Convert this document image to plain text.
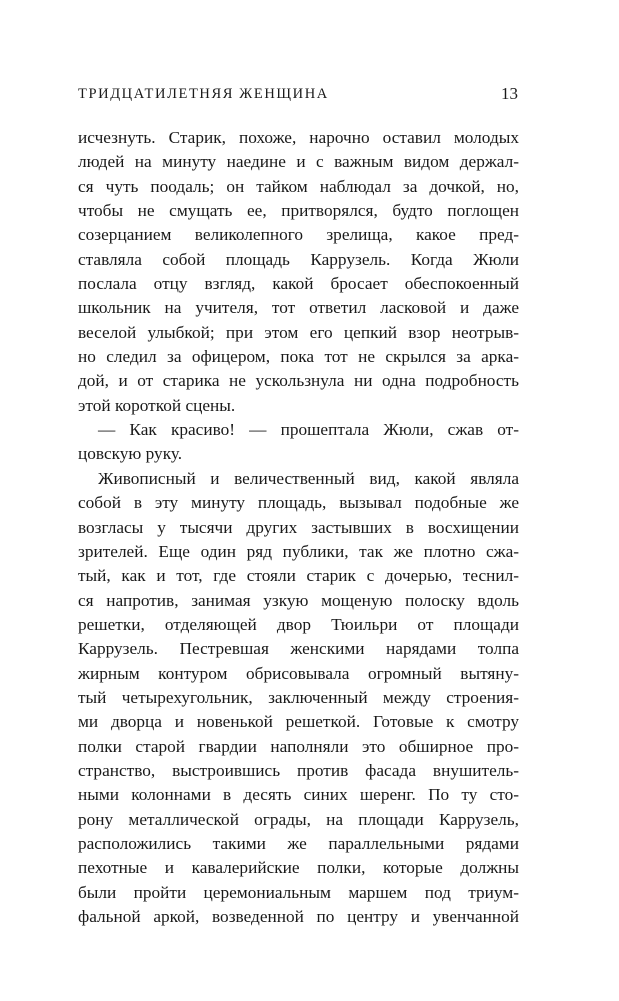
ТРИДЦАТИЛЕТНЯЯ ЖЕНЩИНА	13
исчезнуть. Старик, похоже, нарочно оставил молодых
людей на минуту наедине и с важным видом держал-
ся чуть поодаль; он тайком наблюдал за дочкой, но,
чтобы не смущать ее, притворялся, будто поглощен
созерцанием великолепного зрелища, какое пред-
ставляла собой площадь Каррузель. Когда Жюли
послала отцу взгляд, какой бросает обеспокоенный
школьник на учителя, тот ответил ласковой и даже
веселой улыбкой; при этом его цепкий взор неотрыв-
но следил за офицером, пока тот не скрылся за арка-
дой, и от старика не ускользнула ни одна подробность
этой короткой сцены.
— Как красиво! — прошептала Жюли, сжав от-
цовскую руку.
Живописный и величественный вид, какой являла
собой в эту минуту площадь, вызывал подобные же
возгласы у тысячи других застывших в восхищении
зрителей. Еще один ряд публики, так же плотно сжа-
тый, как и тот, где стояли старик с дочерью, теснил-
ся напротив, занимая узкую мощеную полоску вдоль
решетки, отделяющей двор Тюильри от площади
Каррузель. Пестревшая женскими нарядами толпа
жирным контуром обрисовывала огромный вытяну-
тый четырехугольник, заключенный между строения-
ми дворца и новенькой решеткой. Готовые к смотру
полки старой гвардии наполняли это обширное про-
странство, выстроившись против фасада внушитель-
ными колоннами в десять синих шеренг. По ту сто-
рону металлической ограды, на площади Каррузель,
расположились такими же параллельными рядами
пехотные и кавалерийские полки, которые должны
были пройти церемониальным маршем под триум-
фальной аркой, возведенной по центру и увенчанной
